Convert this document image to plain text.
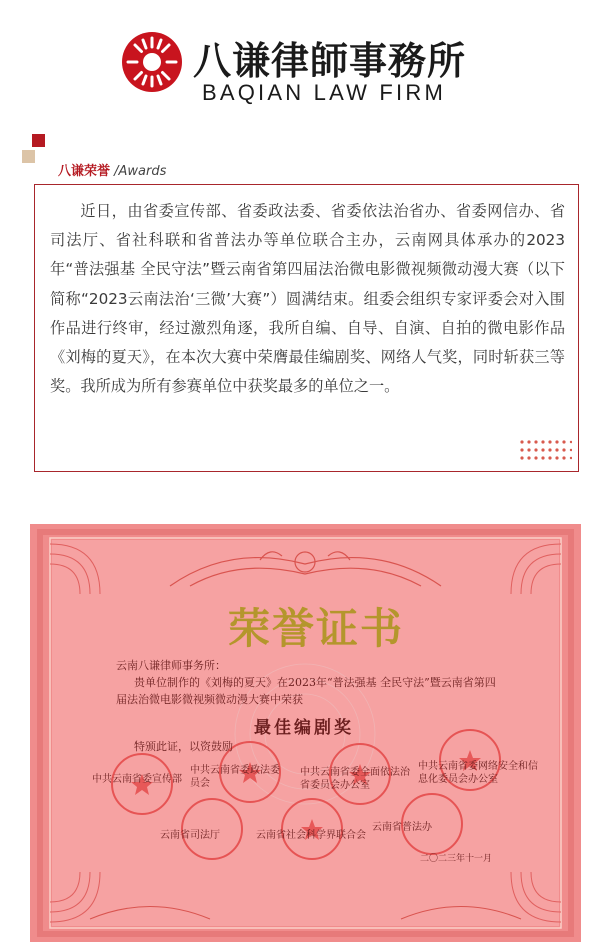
八谦律師事務所
BAQIAN LAW FIRM
八谦荣誉 /Awards

近日，由省委宣传部、省委政法委、省委依法治省办、省委网信办、省司法厅、省社科联和省普法办等单位联合主办，云南网具体承办的2023年“普法强基 全民守法”暨云南省第四届法治微电影微视频微动漫大赛（以下简称“2023云南法治‘三微’大赛”）圆满结束。组委会组织专家评委会对入围作品进行终审，经过激烈角逐，我所自编、自导、自演、自拍的微电影作品《刘梅的夏天》，在本次大赛中荣膺最佳编剧奖、网络人气奖，同时斩获三等奖。我所成为所有参赛单位中获奖最多的单位之一。

荣誉证书
云南八谦律师事务所：
贵单位制作的《刘梅的夏天》在2023年“普法强基 全民守法”暨云南省第四
届法治微电影微视频微动漫大赛中荣获
最佳编剧奖
特颁此证，以资鼓励
中共云南省委宣传部
中共云南省委政法委员会
中共云南省委全面依法治省委员会办公室
中共云南省委网络安全和信息化委员会办公室
云南省司法厅	云南省社会科学界联合会
云南省普法办
二〇二三年十一月
